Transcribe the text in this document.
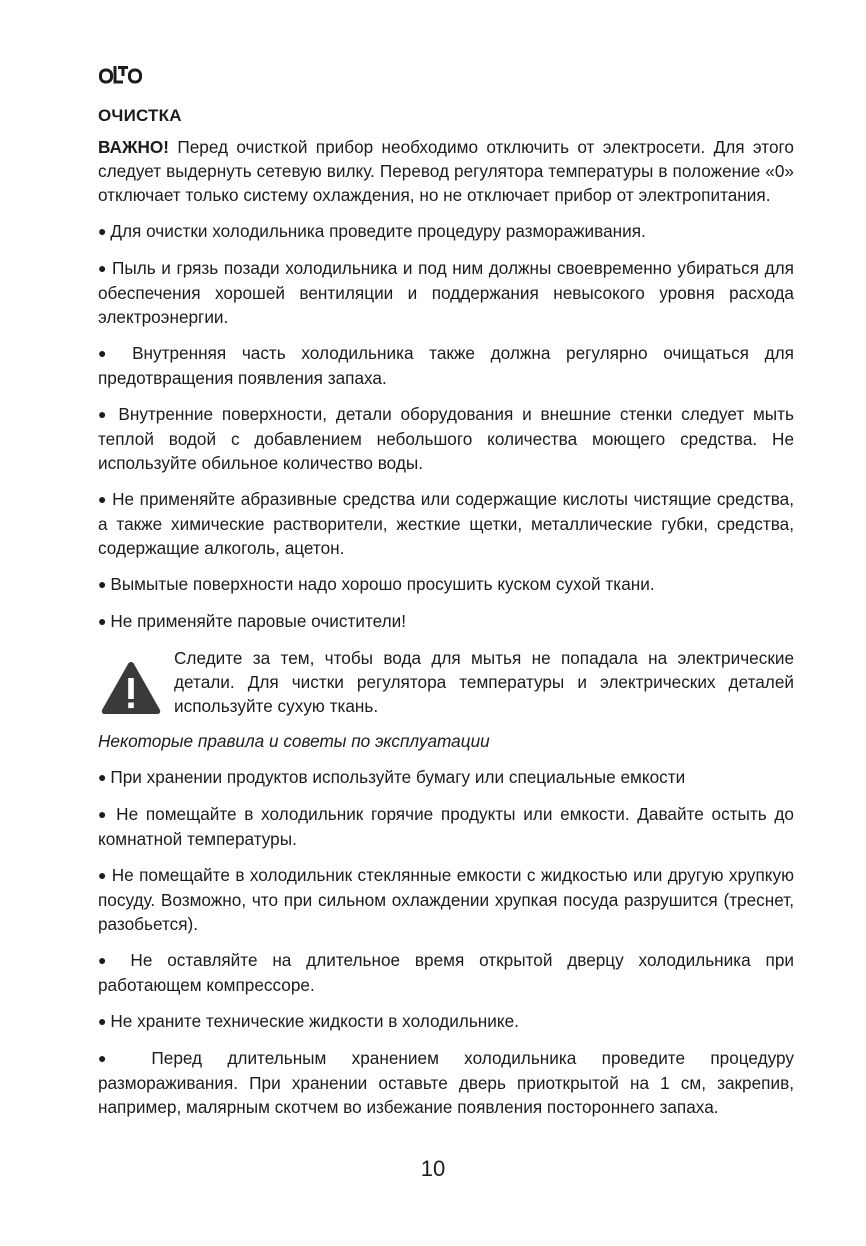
ОЧИСТКА

ВАЖНО! Перед очисткой прибор необходимо отключить от электросети. Для этого следует выдернуть сетевую вилку. Перевод регулятора температуры в положение «0» отключает только систему охлаждения, но не отключает прибор от электропитания.

● Для очистки холодильника проведите процедуру размораживания.

● Пыль и грязь позади холодильника и под ним должны своевременно убираться для обеспечения хорошей вентиляции и поддержания невысокого уровня расхода электроэнергии.

● Внутренняя часть холодильника также должна регулярно очищаться для предотвращения появления запаха.

● Внутренние поверхности, детали оборудования и внешние стенки следует мыть теплой водой с добавлением небольшого количества моющего средства. Не используйте обильное количество воды.

● Не применяйте абразивные средства или содержащие кислоты чистящие средства, а также химические растворители, жесткие щетки, металлические губки, средства, содержащие алкоголь, ацетон.

● Вымытые поверхности надо хорошо просушить куском сухой ткани.

● Не применяйте паровые очистители!

Следите за тем, чтобы вода для мытья не попадала на электрические детали. Для чистки регулятора температуры и электрических деталей используйте сухую ткань.
Некоторые правила и советы по эксплуатации

● При хранении продуктов используйте бумагу или специальные емкости

● Не помещайте в холодильник горячие продукты или емкости. Давайте остыть до комнатной температуры.

● Не помещайте в холодильник стеклянные емкости с жидкостью или другую хрупкую посуду. Возможно, что при сильном охлаждении хрупкая посуда разрушится (треснет, разобьется).

● Не оставляйте на длительное время открытой дверцу холодильника при работающем компрессоре.

● Не храните технические жидкости в холодильнике.

● Перед длительным хранением холодильника проведите процедуру размораживания. При хранении оставьте дверь приоткрытой на 1 см, закрепив, например, малярным скотчем во избежание появления постороннего запаха.

10
